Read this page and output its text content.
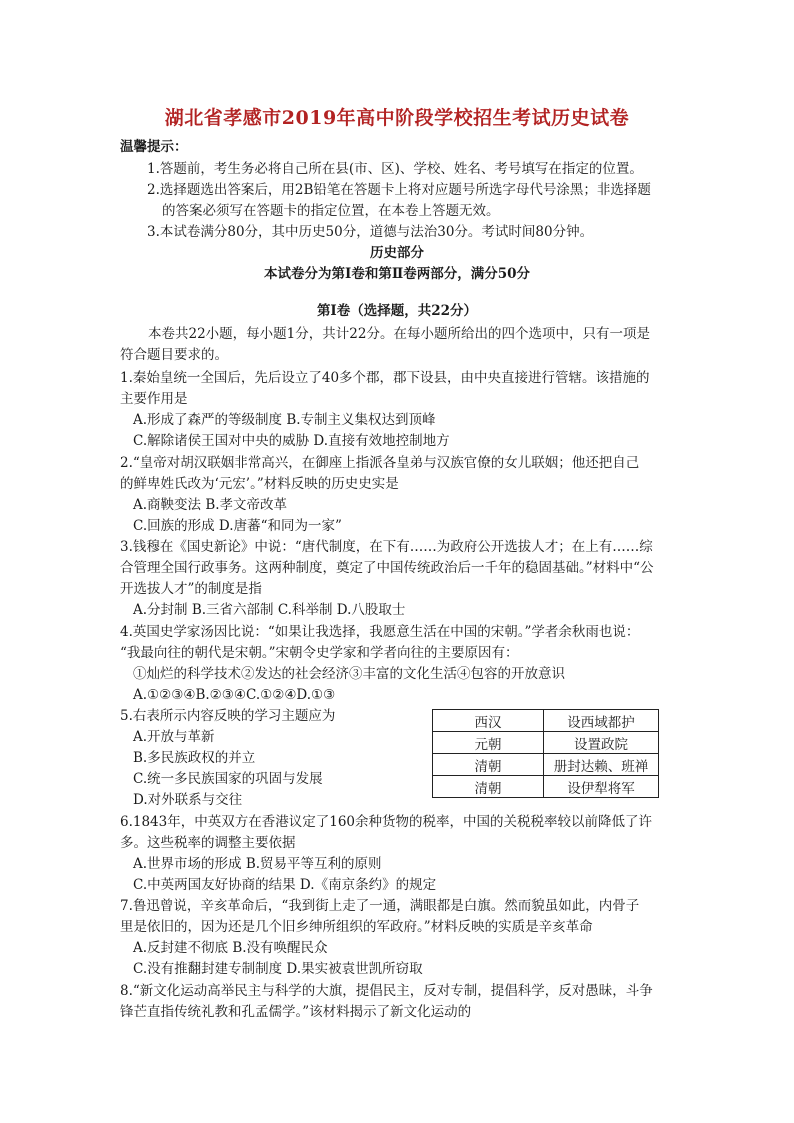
湖北省孝感市2019年高中阶段学校招生考试历史试卷
温馨提示：
1.答题前，考生务必将自己所在县(市、区)、学校、姓名、考号填写在指定的位置。
2.选择题选出答案后，用2B铅笔在答题卡上将对应题号所选字母代号涂黑；非选择题
的答案必须写在答题卡的指定位置，在本卷上答题无效。
3.本试卷满分80分，其中历史50分，道德与法治30分。考试时间80分钟。
历史部分
本试卷分为第Ⅰ卷和第Ⅱ卷两部分，满分50分
第Ⅰ卷（选择题，共22分）
本卷共22小题，每小题1分，共计22分。在每小题所给出的四个选项中，只有一项是
符合题目要求的。
1.秦始皇统一全国后，先后设立了40多个郡，郡下设县，由中央直接进行管辖。该措施的
主要作用是
A.形成了森严的等级制度 B.专制主义集权达到顶峰
C.解除诸侯王国对中央的威胁 D.直接有效地控制地方
2.“皇帝对胡汉联姻非常高兴，在御座上指派各皇弟与汉族官僚的女儿联姻；他还把自己
的鲜卑姓氏改为‘元宏’。”材料反映的历史史实是
A.商鞅变法 B.孝文帝改革
C.回族的形成 D.唐蕃“和同为一家”
3.钱穆在《国史新论》中说：“唐代制度，在下有……为政府公开选拔人才；在上有……综
合管理全国行政事务。这两种制度，奠定了中国传统政治后一千年的稳固基础。”材料中“公
开选拔人才”的制度是指
A.分封制 B.三省六部制 C.科举制 D.八股取士
4.英国史学家汤因比说：“如果让我选择，我愿意生活在中国的宋朝。”学者余秋雨也说：
“我最向往的朝代是宋朝。”宋朝令史学家和学者向往的主要原因有：
①灿烂的科学技术②发达的社会经济③丰富的文化生活④包容的开放意识
A.①②③④B.②③④C.①②④D.①③
5.右表所示内容反映的学习主题应为
A.开放与革新
B.多民族政权的并立
C.统一多民族国家的巩固与发展
D.对外联系与交往
西汉	设西域都护
元朝	设置政院
清朝	册封达赖、班禅
清朝	设伊犁将军
6.1843年，中英双方在香港议定了160余种货物的税率，中国的关税税率较以前降低了许
多。这些税率的调整主要依据
A.世界市场的形成 B.贸易平等互利的原则
C.中英两国友好协商的结果 D.《南京条约》的规定
7.鲁迅曾说，辛亥革命后，“我到街上走了一通，满眼都是白旗。然而貌虽如此，内骨子
里是依旧的，因为还是几个旧乡绅所组织的军政府。”材料反映的实质是辛亥革命
A.反封建不彻底 B.没有唤醒民众
C.没有推翻封建专制制度 D.果实被袁世凯所窃取
8.“新文化运动高举民主与科学的大旗，提倡民主，反对专制，提倡科学，反对愚昧，斗争
锋芒直指传统礼教和孔孟儒学。”该材料揭示了新文化运动的
